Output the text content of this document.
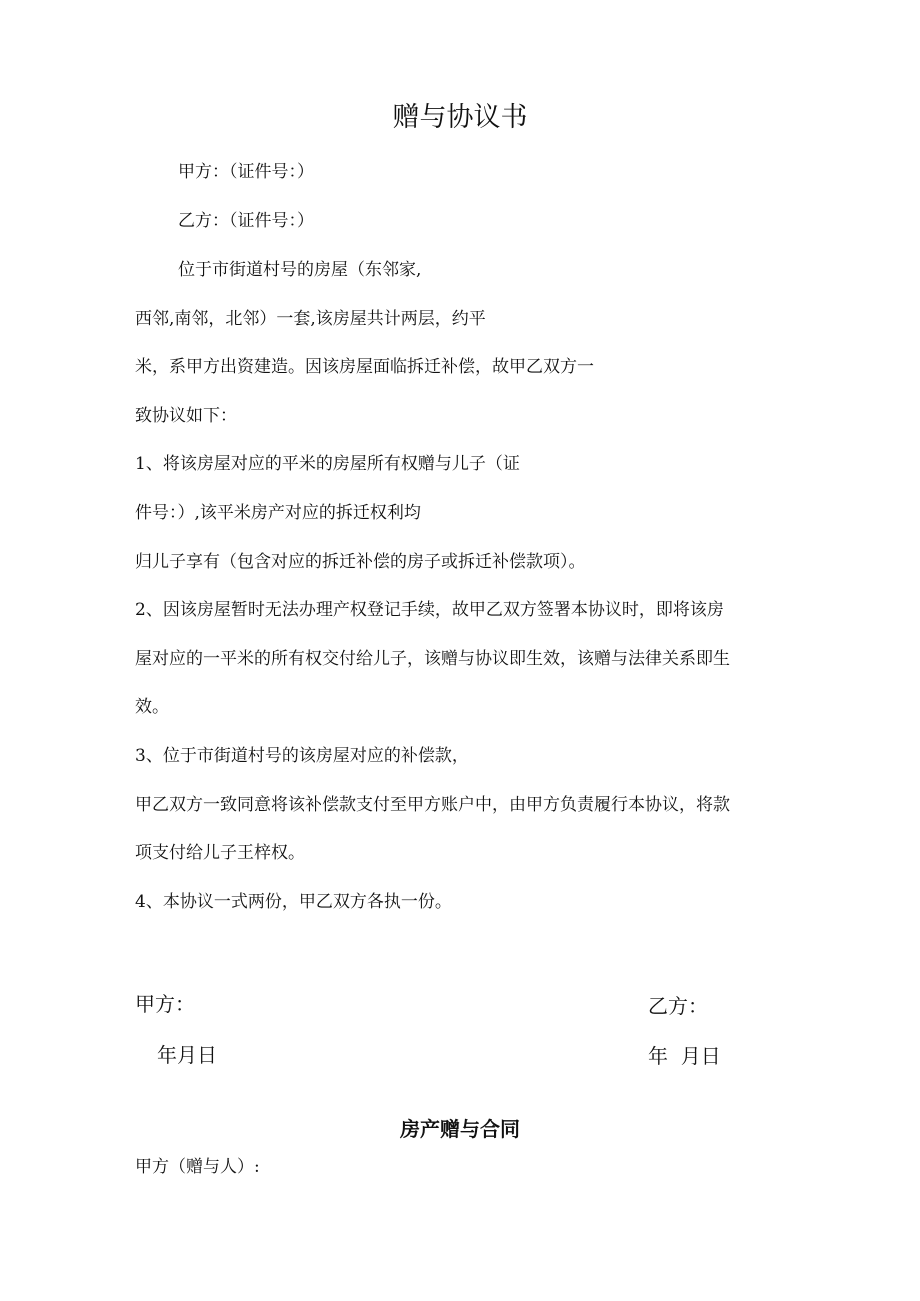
赠与协议书
甲方：（证件号：）
乙方：（证件号：）
位于市街道村号的房屋（东邻家,
西邻,南邻，北邻）一套,该房屋共计两层，约平
米，系甲方出资建造。因该房屋面临拆迁补偿，故甲乙双方一
致协议如下：
1、将该房屋对应的平米的房屋所有权赠与儿子（证
件号：）,该平米房产对应的拆迁权利均
归儿子享有（包含对应的拆迁补偿的房子或拆迁补偿款项）。
2、因该房屋暂时无法办理产权登记手续，故甲乙双方签署本协议时，即将该房
屋对应的一平米的所有权交付给儿子，该赠与协议即生效，该赠与法律关系即生
效。
3、位于市街道村号的该房屋对应的补偿款，
甲乙双方一致同意将该补偿款支付至甲方账户中，由甲方负责履行本协议，将款
项支付给儿子王梓权。
4、本协议一式两份，甲乙双方各执一份。
甲方：
年月日
乙方：
年  月日
房产赠与合同
甲方（赠与人）:
